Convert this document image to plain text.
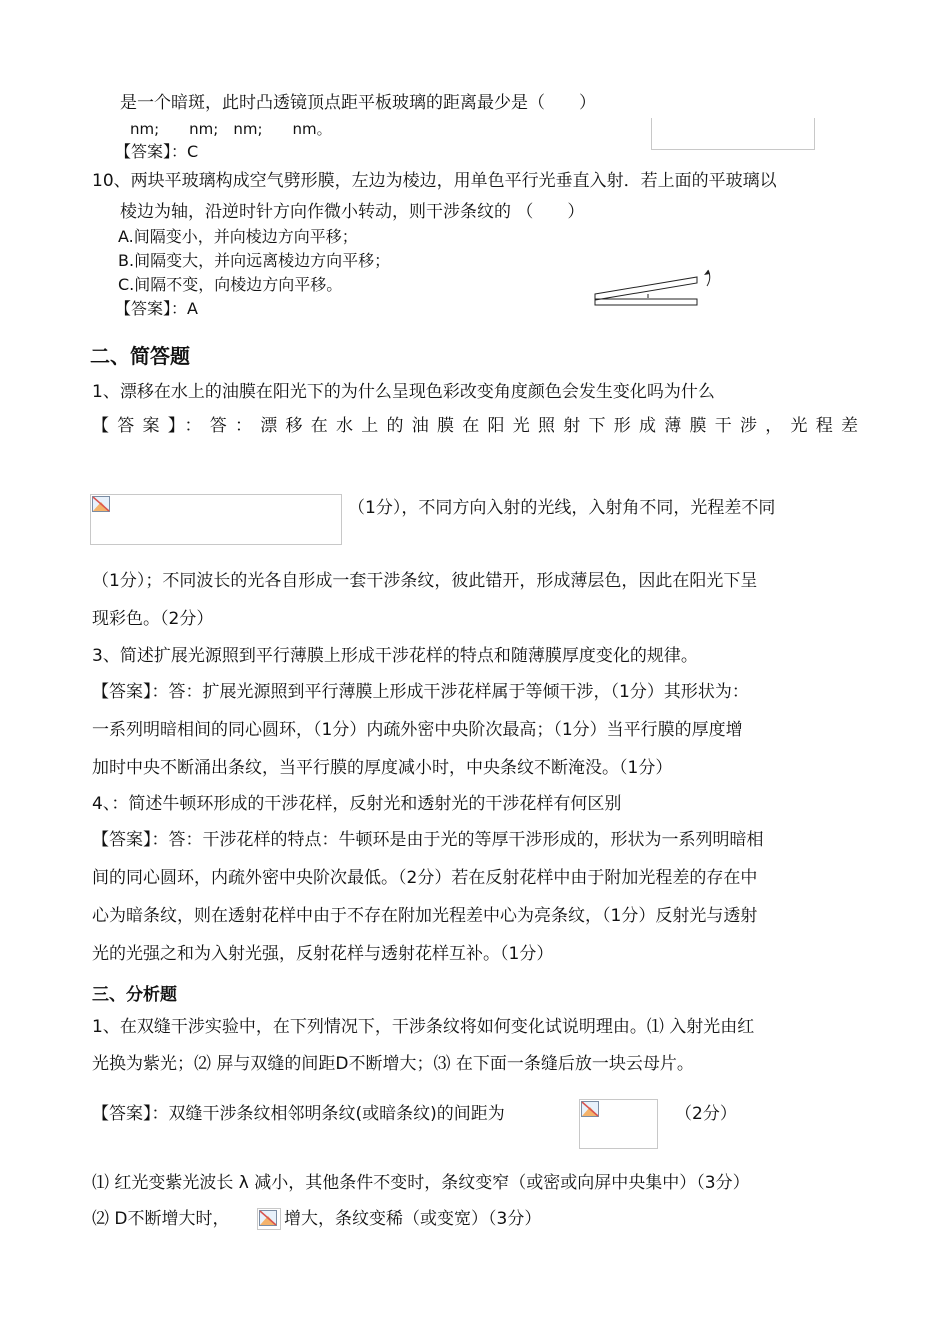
是一个暗斑，此时凸透镜顶点距平板玻璃的距离最少是（　　）
nm;　　nm;　nm;　　nm。
【答案】：C
10、两块平玻璃构成空气劈形膜，左边为棱边，用单色平行光垂直入射．若上面的平玻璃以
棱边为轴，沿逆时针方向作微小转动，则干涉条纹的 （　　）
A.间隔变小，并向棱边方向平移；
B.间隔变大，并向远离棱边方向平移；
C.间隔不变，向棱边方向平移。
【答案】：A
二、简答题
1、漂移在水上的油膜在阳光下的为什么呈现色彩改变角度颜色会发生变化吗为什么
【答案】：答：漂移在水上的油膜在阳光照射下形成薄膜干涉，光程差
（1分），不同方向入射的光线，入射角不同，光程差不同
（1分）；不同波长的光各自形成一套干涉条纹，彼此错开，形成薄层色，因此在阳光下呈
现彩色。（2分）
3、简述扩展光源照到平行薄膜上形成干涉花样的特点和随薄膜厚度变化的规律。
【答案】：答：扩展光源照到平行薄膜上形成干涉花样属于等倾干涉，（1分）其形状为：
一系列明暗相间的同心圆环，（1分）内疏外密中央阶次最高；（1分）当平行膜的厚度增
加时中央不断涌出条纹，当平行膜的厚度减小时，中央条纹不断淹没。（1分）
4、：简述牛顿环形成的干涉花样，反射光和透射光的干涉花样有何区别
【答案】：答：干涉花样的特点：牛顿环是由于光的等厚干涉形成的，形状为一系列明暗相
间的同心圆环，内疏外密中央阶次最低。（2分）若在反射花样中由于附加光程差的存在中
心为暗条纹，则在透射花样中由于不存在附加光程差中心为亮条纹，（1分）反射光与透射
光的光强之和为入射光强，反射花样与透射花样互补。（1分）
三、分析题
1、在双缝干涉实验中，在下列情况下，干涉条纹将如何变化试说明理由。⑴ 入射光由红
光换为紫光；⑵ 屏与双缝的间距D不断增大；⑶ 在下面一条缝后放一块云母片。
【答案】：双缝干涉条纹相邻明条纹(或暗条纹)的间距为	（2分）
⑴ 红光变紫光波长 λ 减小，其他条件不变时，条纹变窄（或密或向屏中央集中）（3分）
⑵ D不断增大时，	增大，条纹变稀（或变宽）（3分）
